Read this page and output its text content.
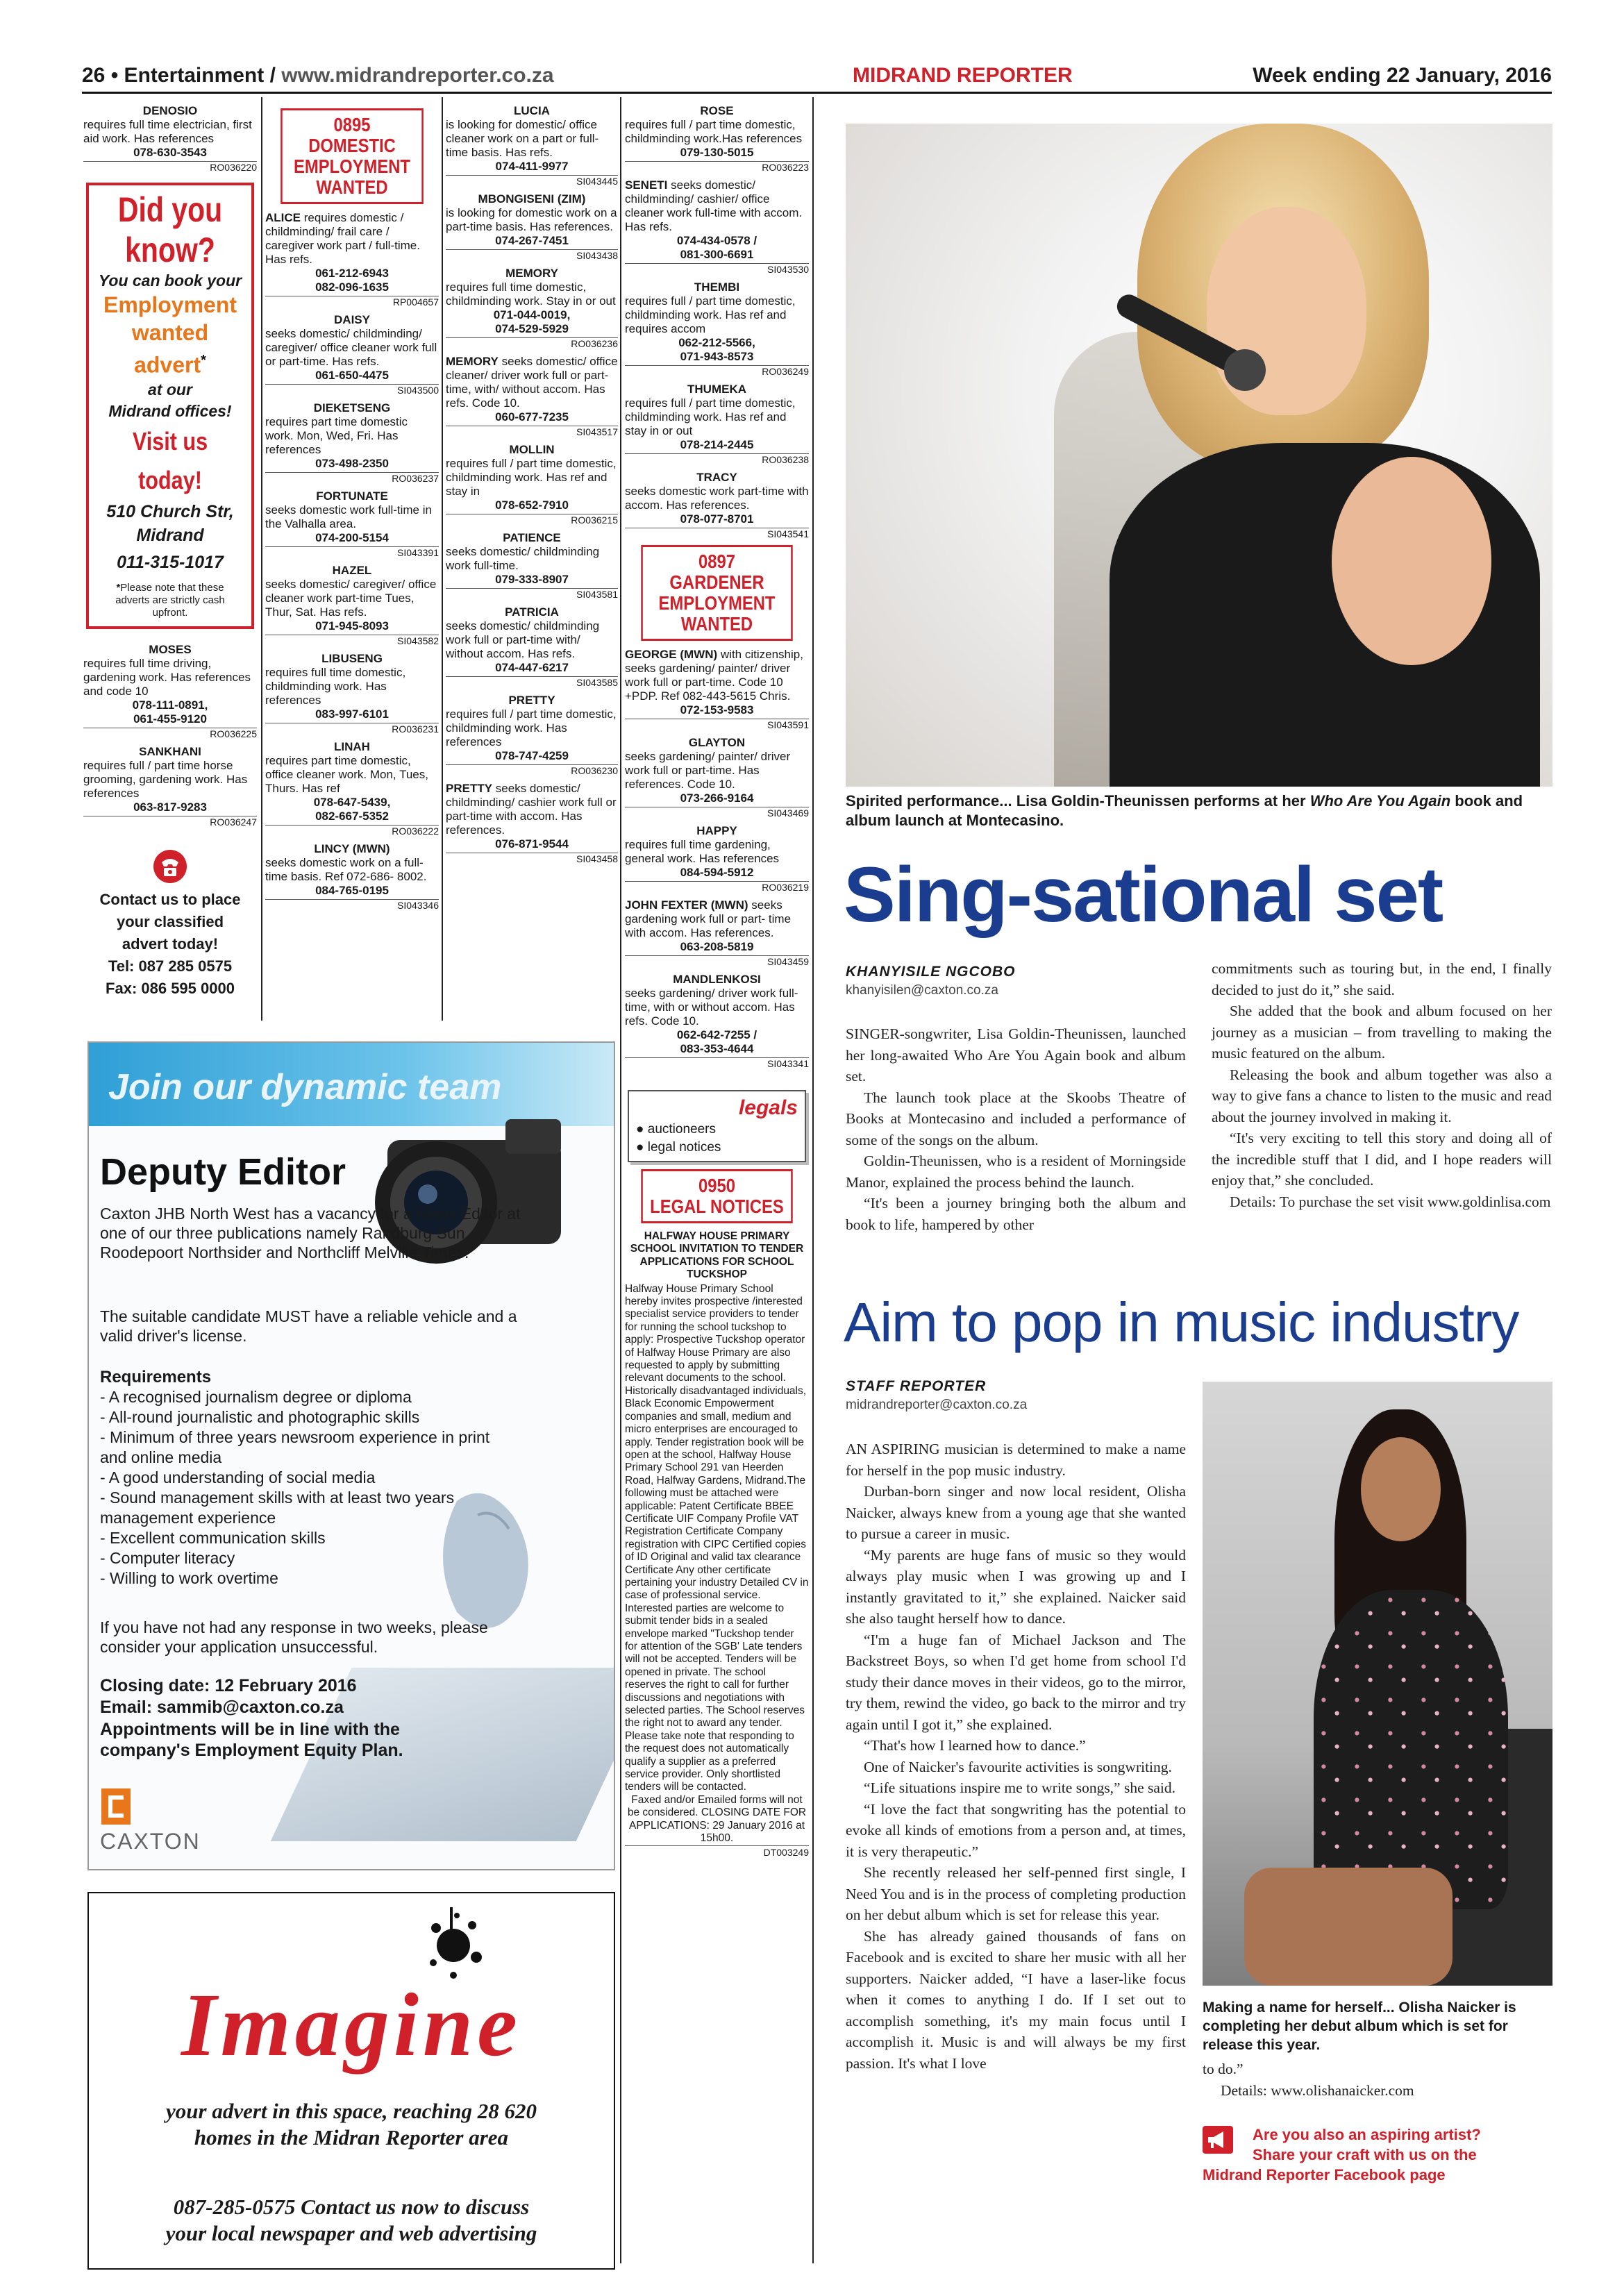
26 • Entertainment / www.midrandreporter.co.za	MIDRAND REPORTER	Week ending 22 January, 2016
DENOSIO
requires full time electrician, first aid work. Has references
078-630-3543
RO036220
Did you
know?
You can book your
Employment
wanted
advert*
at our
Midrand offices!
Visit us today!
510 Church Str,
Midrand
011-315-1017
*Please note that these adverts are strictly cash upfront.
MOSES
requires full time driving, gardening work. Has references and code 10
078-111-0891,
061-455-9120
RO036225
SANKHANI
requires full / part time horse grooming, gardening work. Has references
063-817-9283
RO036247
Contact us to place
your classified
advert today!
Tel: 087 285 0575
Fax: 086 595 0000
0895
DOMESTIC
EMPLOYMENT
WANTED
ALICE requires domestic / childminding/ frail care / caregiver work part / full-time. Has refs.
061-212-6943
082-096-1635
RP004657
DAISY
seeks domestic/ childminding/ caregiver/ office cleaner work full or part-time. Has refs.
061-650-4475
SI043500
DIEKETSENG
requires part time domestic work. Mon, Wed, Fri. Has references
073-498-2350
RO036237
FORTUNATE
seeks domestic work full-time in the Valhalla area.
074-200-5154
SI043391
HAZEL
seeks domestic/ caregiver/ office cleaner work part-time Tues, Thur, Sat. Has refs.
071-945-8093
SI043582
LIBUSENG
requires full time domestic, childminding work. Has references
083-997-6101
RO036231
LINAH
requires part time domestic, office cleaner work. Mon, Tues, Thurs. Has ref
078-647-5439,
082-667-5352
RO036222
LINCY (MWN)
seeks domestic work on a full-time basis. Ref 072-686- 8002.
084-765-0195
SI043346
LUCIA
is looking for domestic/ office cleaner work on a part or full-time basis. Has refs.
074-411-9977
SI043445
MBONGISENI (ZIM)
is looking for domestic work on a part-time basis. Has references.
074-267-7451
SI043438
MEMORY
requires full time domestic, childminding work. Stay in or out
071-044-0019,
074-529-5929
RO036236
MEMORY seeks domestic/ office cleaner/ driver work full or part- time, with/ without accom. Has refs. Code 10.
060-677-7235
SI043517
MOLLIN
requires full / part time domestic, childminding work. Has ref and stay in
078-652-7910
RO036215
PATIENCE
seeks domestic/ childminding work full-time.
079-333-8907
SI043581
PATRICIA
seeks domestic/ childminding work full or part-time with/ without accom. Has refs.
074-447-6217
SI043585
PRETTY
requires full / part time domestic, childminding work. Has references
078-747-4259
RO036230
PRETTY seeks domestic/ childminding/ cashier work full or part-time with accom. Has references.
076-871-9544
SI043458
ROSE
requires full / part time domestic, childminding work.Has references
079-130-5015
RO036223
SENETI seeks domestic/ childminding/ cashier/ office cleaner work full-time with accom. Has refs.
074-434-0578 /
081-300-6691
SI043530
THEMBI
requires full / part time domestic, childminding work. Has ref and requires accom
062-212-5566,
071-943-8573
RO036249
THUMEKA
requires full / part time domestic, childminding work. Has ref and stay in or out
078-214-2445
RO036238
TRACY
seeks domestic work part-time with accom. Has references.
078-077-8701
SI043541
0897
GARDENER
EMPLOYMENT
WANTED
GEORGE (MWN) with citizenship, seeks gardening/ painter/ driver work full or part-time. Code 10 +PDP. Ref 082-443-5615 Chris.
072-153-9583
SI043591
GLAYTON
seeks gardening/ painter/ driver work full or part-time. Has references. Code 10.
073-266-9164
SI043469
HAPPY
requires full time gardening, general work. Has references
084-594-5912
RO036219
JOHN FEXTER (MWN) seeks gardening work full or part- time with accom. Has references.
063-208-5819
SI043459
MANDLENKOSI
seeks gardening/ driver work full-time, with or without accom. Has refs. Code 10.
062-642-7255 /
083-353-4644
SI043341
legals
● auctioneers
● legal notices
0950
LEGAL NOTICES
HALFWAY HOUSE PRIMARY SCHOOL INVITATION TO TENDER APPLICATIONS FOR SCHOOL TUCKSHOP
Halfway House Primary School hereby invites prospective /interested specialist service providers to tender for running the school tuckshop to apply: Prospective Tuckshop operator of Halfway House Primary are also requested to apply by submitting relevant documents to the school. Historically disadvantaged individuals, Black Economic Empowerment companies and small, medium and micro enterprises are encouraged to apply. Tender registration book will be open at the school, Halfway House Primary School 291 van Heerden Road, Halfway Gardens, Midrand.The following must be attached were applicable: Patent Certificate BBEE Certificate UIF Company Profile VAT Registration Certificate Company registration with CIPC Certified copies of ID Original and valid tax clearance Certificate Any other certificate pertaining your industry Detailed CV in case of professional service. Interested parties are welcome to submit tender bids in a sealed envelope marked "Tuckshop tender for attention of the SGB' Late tenders will not be accepted. Tenders will be opened in private. The school reserves the right to call for further discussions and negotiations with selected parties. The School reserves the right not to award any tender. Please take note that responding to the request does not automatically qualify a supplier as a preferred service provider. Only shortlisted tenders will be contacted.
Faxed and/or Emailed forms will not be considered. CLOSING DATE FOR APPLICATIONS: 29 January 2016 at 15h00.
DT003249
Join our dynamic team
Deputy Editor
Caxton JHB North West has a vacancy for a News Editor at one of our three publications namely Randburg Sun, Roodepoort Northsider and Northcliff Melville Times.
The suitable candidate MUST have a reliable vehicle and a valid driver's license.
Requirements
- A recognised journalism degree or diploma
- All-round journalistic and photographic skills
- Minimum of three years newsroom experience in print and online media
- A good understanding of social media
- Sound management skills with at least two years management experience
- Excellent communication skills
- Computer literacy
- Willing to work overtime
If you have not had any response in two weeks, please consider your application unsuccessful.
Closing date: 12 February 2016
Email: sammib@caxton.co.za
Appointments will be in line with the company's Employment Equity Plan.
CAXTON
Imagine
your advert in this space, reaching 28 620
homes in the Midran Reporter area
087-285-0575 Contact us now to discuss
your local newspaper and web advertising
Spirited performance... Lisa Goldin-Theunissen performs at her Who Are You Again book and album launch at Montecasino.
Sing-sational set
KHANYISILE NGCOBO
khanyisilen@caxton.co.za

SINGER-songwriter, Lisa Goldin-Theunissen, launched her long-awaited Who Are You Again book and album set.

The launch took place at the Skoobs Theatre of Books at Montecasino and included a performance of some of the songs on the album.

Goldin-Theunissen, who is a resident of Morningside Manor, explained the process behind the launch.

“It's been a journey bringing both the album and book to life, hampered by other

commitments such as touring but, in the end, I finally decided to just do it,” she said.

She added that the book and album focused on her journey as a musician – from travelling to making the music featured on the album.

Releasing the book and album together was also a way to give fans a chance to listen to the music and read about the journey involved in making it.

“It's very exciting to tell this story and doing all of the incredible stuff that I did, and I hope readers will enjoy that,” she concluded.

Details: To purchase the set visit www.goldinlisa.com

Aim to pop in music industry
STAFF REPORTER
midrandreporter@caxton.co.za

AN ASPIRING musician is determined to make a name for herself in the pop music industry.

Durban-born singer and now local resident, Olisha Naicker, always knew from a young age that she wanted to pursue a career in music.

“My parents are huge fans of music so they would always play music when I was growing up and I instantly gravitated to it,” she explained. Naicker said she also taught herself how to dance.

“I'm a huge fan of Michael Jackson and The Backstreet Boys, so when I'd get home from school I'd study their dance moves in their videos, go to the mirror, try them, rewind the video, go back to the mirror and try again until I got it,” she explained.

“That's how I learned how to dance.”

One of Naicker's favourite activities is songwriting.

“Life situations inspire me to write songs,” she said.

“I love the fact that songwriting has the potential to evoke all kinds of emotions from a person and, at times, it is very therapeutic.”

She recently released her self-penned first single, I Need You and is in the process of completing production on her debut album which is set for release this year.

She has already gained thousands of fans on Facebook and is excited to share her music with all her supporters. Naicker added, “I have a laser-like focus when it comes to anything I do. If I set out to accomplish something, it's my main focus until I accomplish it. Music is and will always be my first passion. It's what I love

Making a name for herself... Olisha Naicker is completing her debut album which is set for release this year.

to do.”

Details: www.olishanaicker.com

Are you also an aspiring artist?
Share your craft with us on the
Midrand Reporter Facebook page
